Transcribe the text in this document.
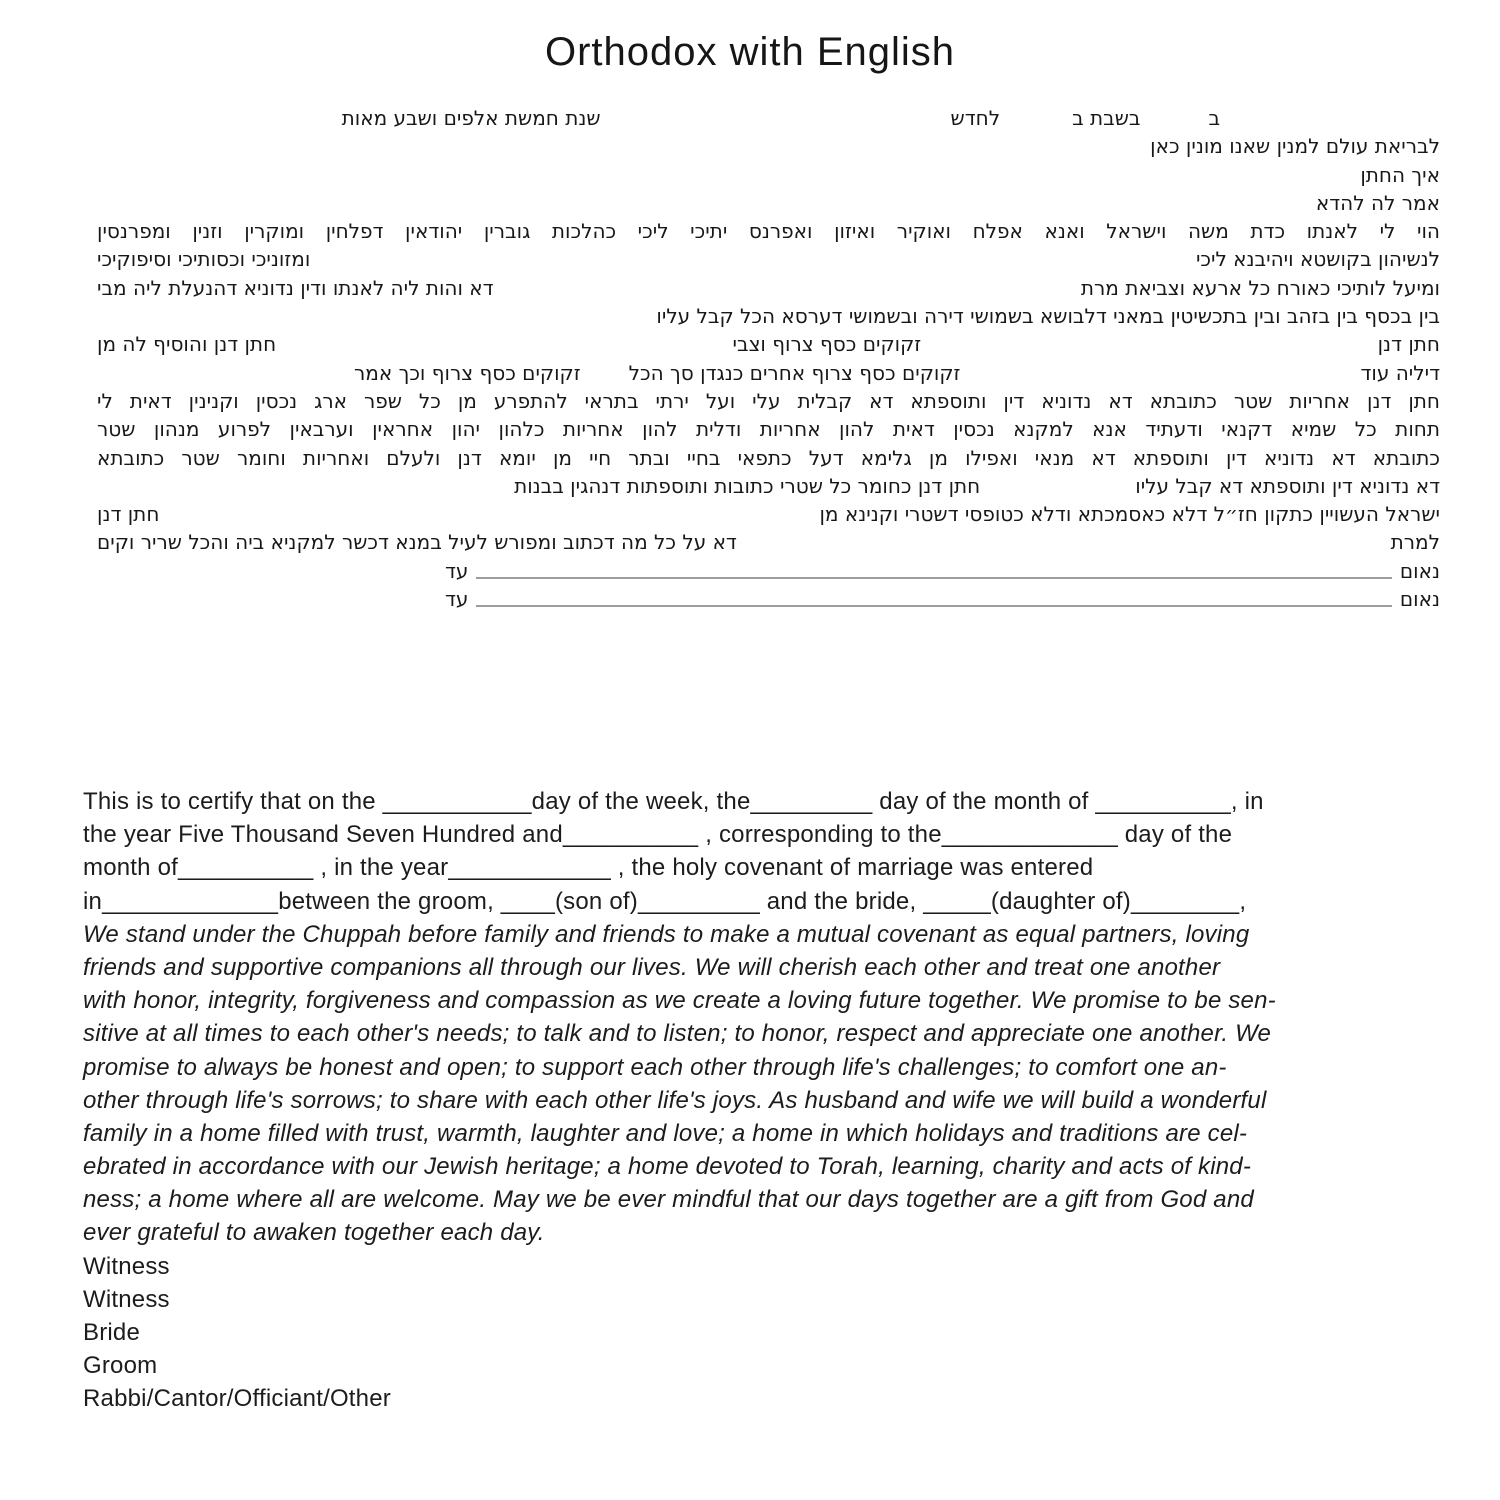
Orthodox with English
ב
בשבת ב
לחדש
שנת חמשת אלפים ושבע מאות
לבריאת עולם למנין שאנו מונין כאן
איך החתן
אמר לה להדא
הוי לי לאנתו כדת משה וישראל ואנא אפלח ואוקיר ואיזון ואפרנס יתיכי ליכי כהלכות גוברין יהודאין דפלחין ומוקרין וזנין ומפרנסין
לנשיהון בקושטא ויהיבנא ליכי
ומזוניכי וכסותיכי וסיפוקיכי
ומיעל לותיכי כאורח כל ארעא וצביאת מרת
דא והות ליה לאנתו ודין נדוניא דהנעלת ליה מבי
בין בכסף בין בזהב ובין בתכשיטין במאני דלבושא בשמושי דירה ובשמושי דערסא הכל קבל עליו
חתן דנן
זקוקים כסף צרוף וצבי
חתן דנן והוסיף לה מן
דיליה עוד
זקוקים כסף צרוף אחרים כנגדן סך הכל
זקוקים כסף צרוף וכך אמר
חתן דנן אחריות שטר כתובתא דא נדוניא דין ותוספתא דא קבלית עלי ועל ירתי בתראי להתפרע מן כל שפר ארג נכסין וקנינין דאית לי
תחות כל שמיא דקנאי ודעתיד אנא למקנא נכסין דאית להון אחריות ודלית להון אחריות כלהון יהון אחראין וערבאין לפרוע מנהון שטר
כתובתא דא נדוניא דין ותוספתא דא מנאי ואפילו מן גלימא דעל כתפאי בחיי ובתר חיי מן יומא דנן ולעלם ואחריות וחומר שטר כתובתא
דא נדוניא דין ותוספתא דא קבל עליו
חתן דנן כחומר כל שטרי כתובות ותוספתות דנהגין בבנות
ישראל העשויין כתקון חז״ל דלא כאסמכתא ודלא כטופסי דשטרי וקנינא מן
חתן דנן
למרת
דא על כל מה דכתוב ומפורש לעיל במנא דכשר למקניא ביה והכל שריר וקים
נאום
עד
נאום
עד
This is to certify that on the ___________day of the week, the_________ day of the month of __________, in
the year Five Thousand Seven Hundred and__________ , corresponding to the_____________ day of the
month of__________ , in the year____________ , the holy covenant of marriage was entered
in_____________between the groom, ____(son of)_________ and the bride, _____(daughter of)________,
We stand under the Chuppah before family and friends to make a mutual covenant as equal partners, loving
friends and supportive companions all through our lives. We will cherish each other and treat one another
with honor, integrity, forgiveness and compassion as we create a loving future together. We promise to be sen-
sitive at all times to each other's needs; to talk and to listen; to honor, respect and appreciate one another. We
promise to always be honest and open; to support each other through life's challenges; to comfort one an-
other through life's sorrows; to share with each other life's joys. As husband and wife we will build a wonderful
family in a home filled with trust, warmth, laughter and love; a home in which holidays and traditions are cel-
ebrated in accordance with our Jewish heritage; a home devoted to Torah, learning, charity and acts of kind-
ness; a home where all are welcome. May we be ever mindful that our days together are a gift from God and
ever grateful to awaken together each day.
Witness
Witness
Bride
Groom
Rabbi/Cantor/Officiant/Other
